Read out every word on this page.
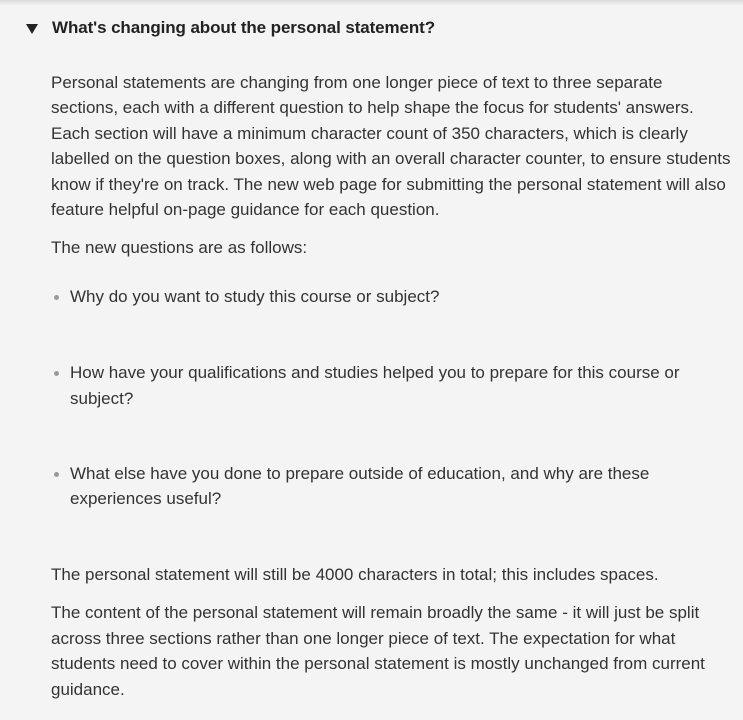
What's changing about the personal statement?

Personal statements are changing from one longer piece of text to three separate sections, each with a different question to help shape the focus for students' answers. Each section will have a minimum character count of 350 characters, which is clearly labelled on the question boxes, along with an overall character counter, to ensure students know if they're on track. The new web page for submitting the personal statement will also feature helpful on-page guidance for each question.

The new questions are as follows:

Why do you want to study this course or subject?
How have your qualifications and studies helped you to prepare for this course or subject?
What else have you done to prepare outside of education, and why are these experiences useful?

The personal statement will still be 4000 characters in total; this includes spaces.

The content of the personal statement will remain broadly the same - it will just be split across three sections rather than one longer piece of text. The expectation for what students need to cover within the personal statement is mostly unchanged from current guidance.
